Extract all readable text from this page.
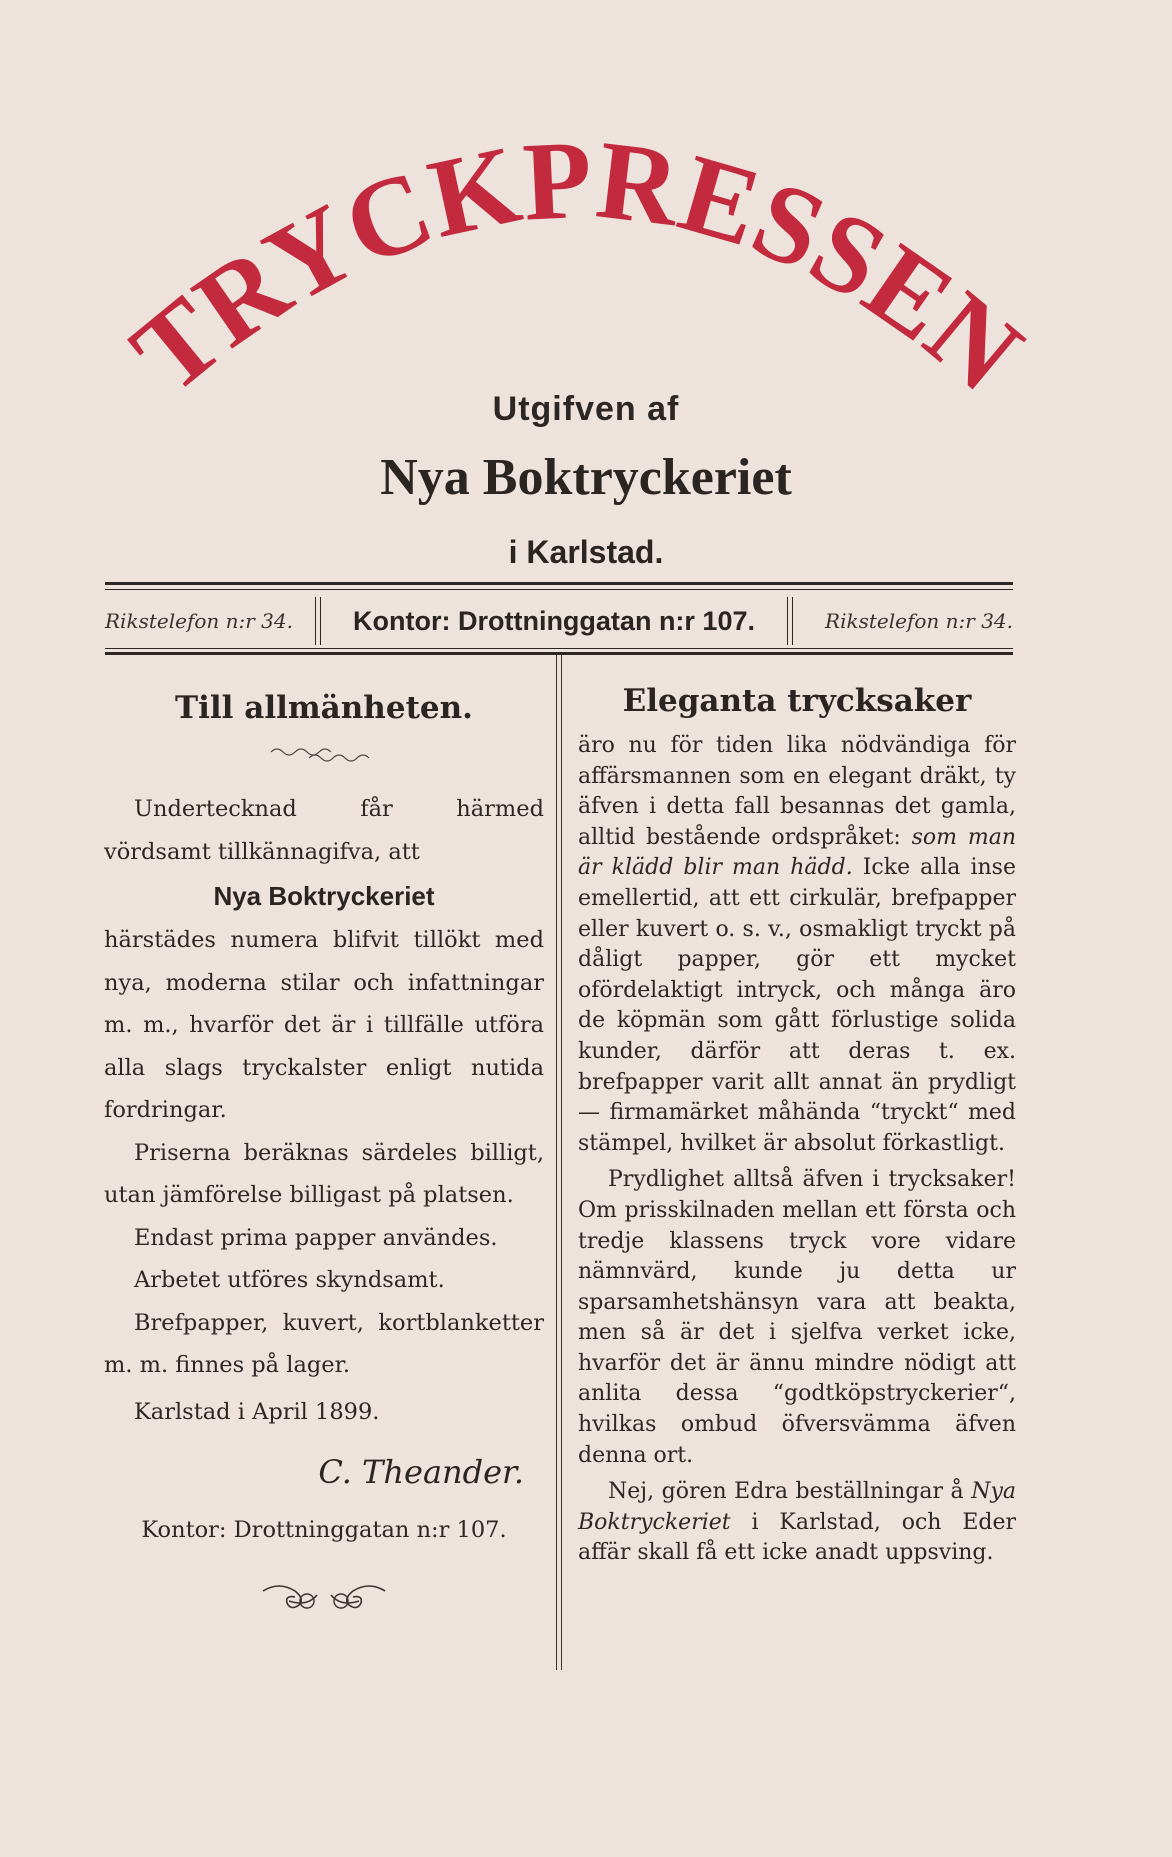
TRYCKPRESSEN
Utgifven af
Nya Boktryckeriet
i Karlstad.
Rikstelefon n:r 34.	Kontor: Drottninggatan n:r 107.	Rikstelefon n:r 34.
Till allmänheten.

Undertecknad får härmed vördsamt tillkännagifva, att

Nya Boktryckeriet

härstädes numera blifvit tillökt med nya, moderna stilar och infattningar m. m., hvarför det är i tillfälle utföra alla slags tryckalster enligt nutida fordringar.

Priserna beräknas särdeles billigt, utan jämförelse billigast på platsen.

Endast prima papper användes.

Arbetet utföres skyndsamt.

Brefpapper, kuvert, kortblanketter m. m. finnes på lager.

Karlstad i April 1899.

C. Theander.
Kontor: Drottninggatan n:r 107.
Eleganta trycksaker

äro nu för tiden lika nödvändiga för affärsmannen som en elegant dräkt, ty äfven i detta fall besannas det gamla, alltid bestående ordspråket: som man är klädd blir man hädd. Icke alla inse emellertid, att ett cirkulär, brefpapper eller kuvert o. s. v., osmakligt tryckt på dåligt papper, gör ett mycket ofördelaktigt intryck, och många äro de köpmän som gått förlustige solida kunder, därför att deras t. ex. brefpapper varit allt annat än prydligt — firmamärket måhända “tryckt“ med stämpel, hvilket är absolut förkastligt.

Prydlighet alltså äfven i trycksaker! Om prisskilnaden mellan ett första och tredje klassens tryck vore vidare nämnvärd, kunde ju detta ur sparsamhetshänsyn vara att beakta, men så är det i sjelfva verket icke, hvarför det är ännu mindre nödigt att anlita dessa “godtköpstryckerier“, hvilkas ombud öfversvämma äfven denna ort.

Nej, gören Edra beställningar å Nya Boktryckeriet i Karlstad, och Eder affär skall få ett icke anadt uppsving.
